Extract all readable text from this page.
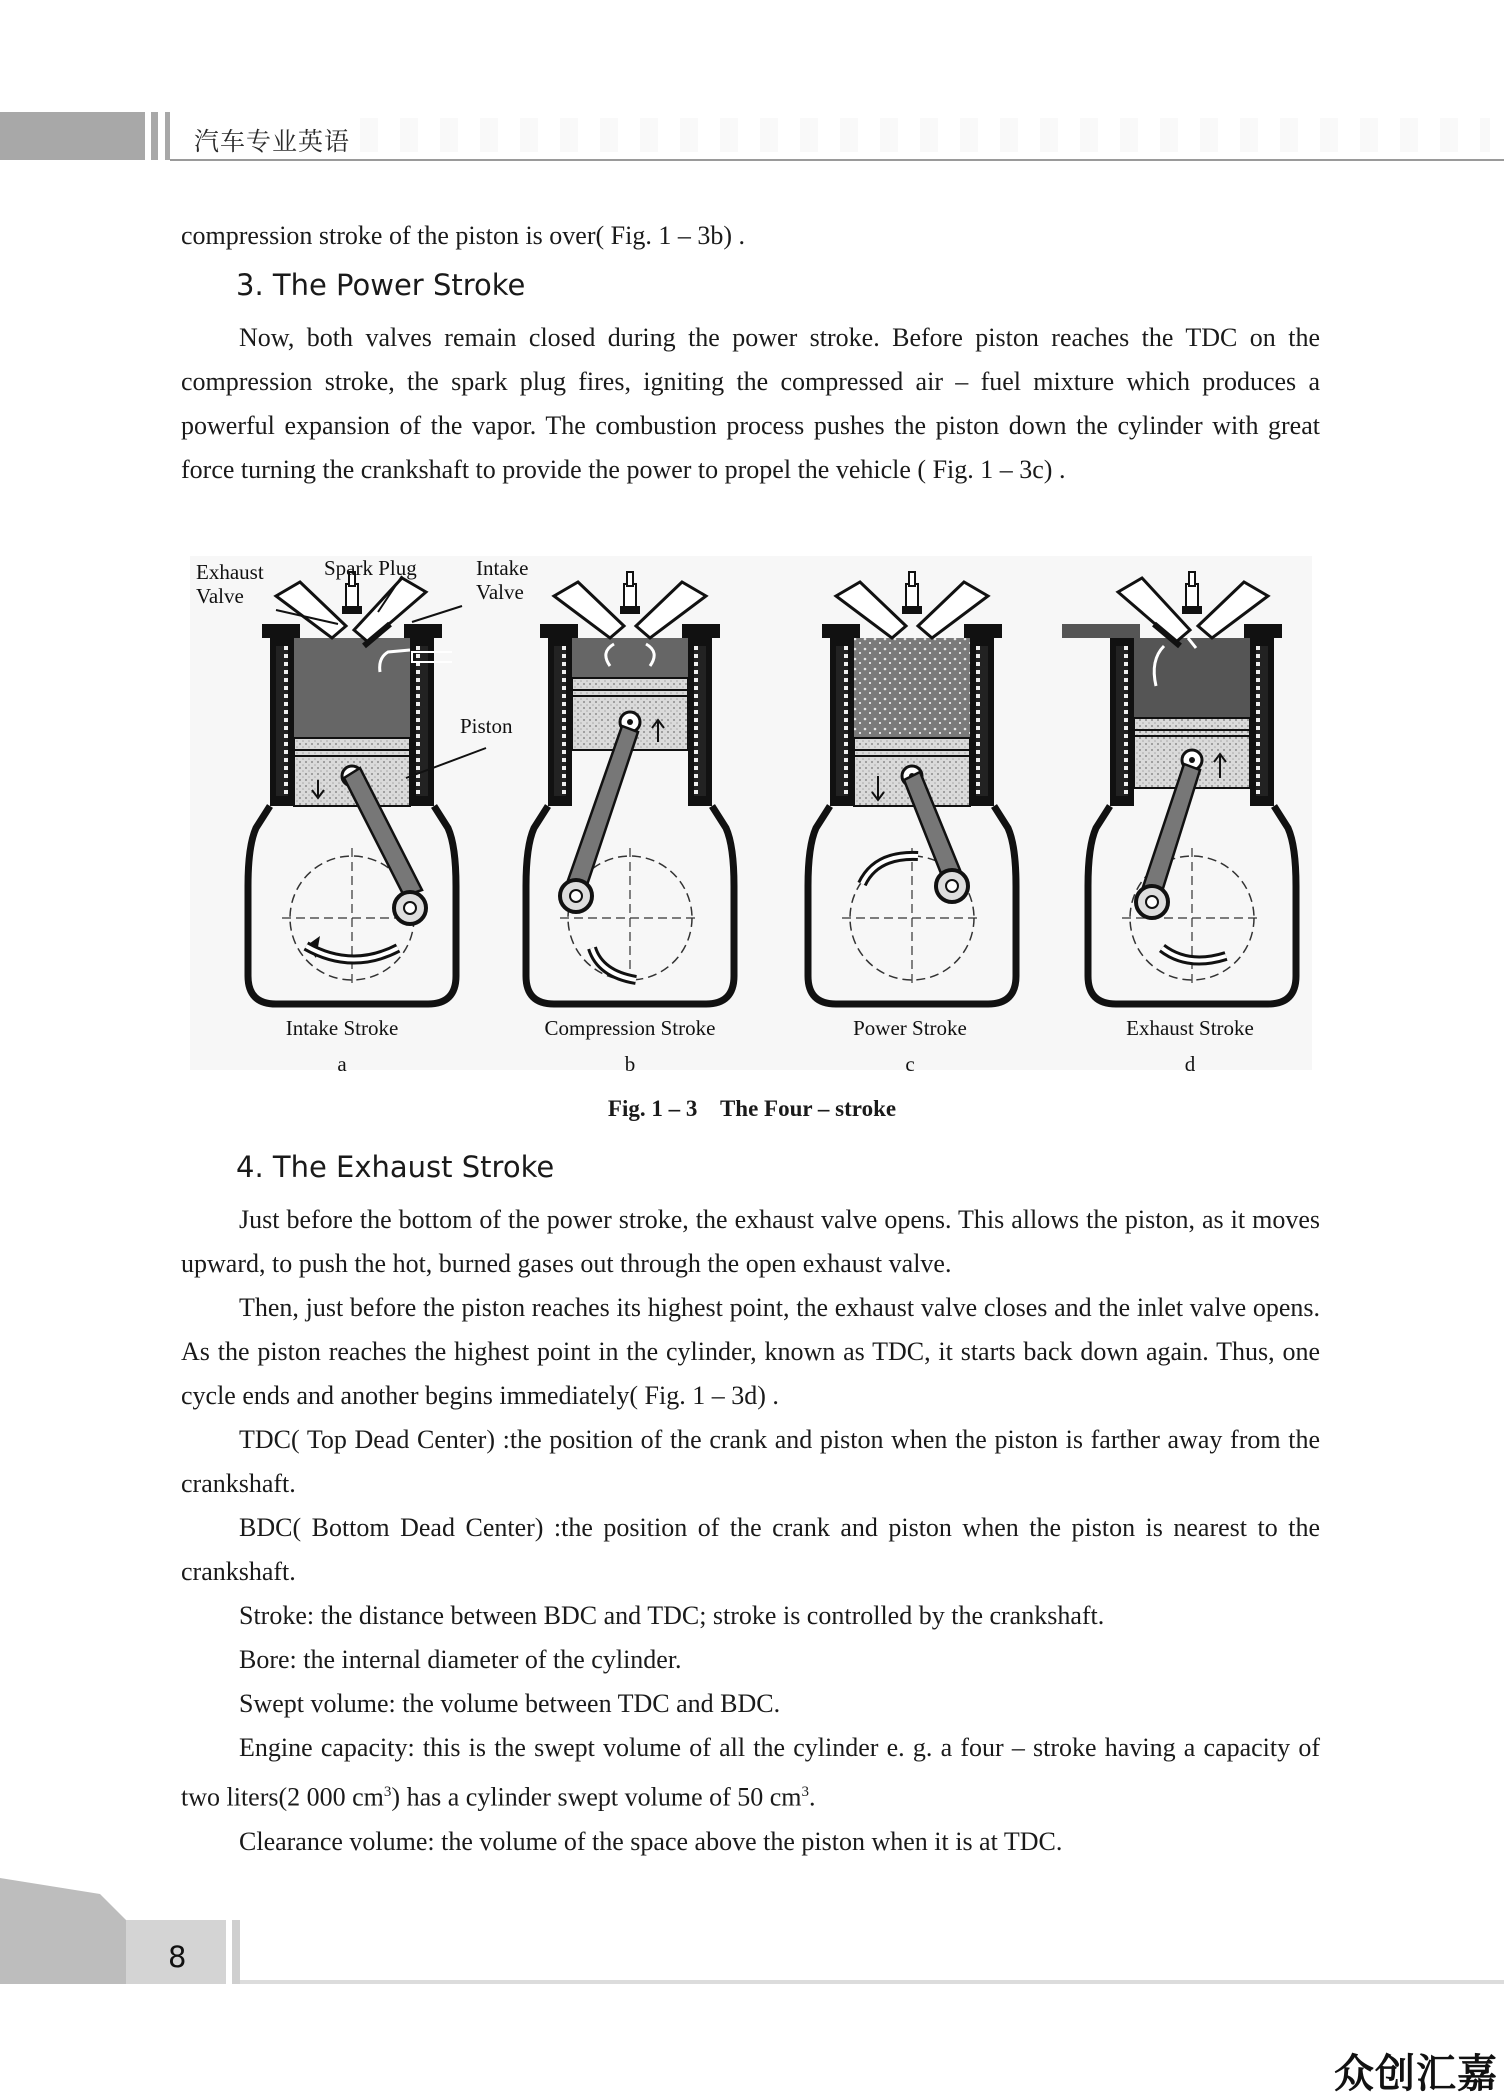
汽车专业英语

compression stroke of the piston is over( Fig. 1 – 3b) .

3. The Power Stroke

Now, both valves remain closed during the power stroke. Before piston reaches the TDC on the compression stroke, the spark plug fires, igniting the compressed air – fuel mixture which produces a powerful expansion of the vapor. The combustion process pushes the piston down the cylinder with great force turning the crankshaft to provide the power to propel the vehicle ( Fig. 1 – 3c) .

Exhaust
Valve
Spark Plug	Intake
Valve
Piston
Intake Stroke
a
Compression Stroke
b
Power Stroke
c
Exhaust Stroke
d
Fig. 1 – 3    The Four – stroke
4. The Exhaust Stroke

Just before the bottom of the power stroke, the exhaust valve opens. This allows the piston, as it moves upward, to push the hot, burned gases out through the open exhaust valve.

Then, just before the piston reaches its highest point, the exhaust valve closes and the inlet valve opens. As the piston reaches the highest point in the cylinder, known as TDC, it starts back down again. Thus, one cycle ends and another begins immediately( Fig. 1 – 3d) .

TDC( Top Dead Center) :the position of the crank and piston when the piston is farther away from the crankshaft.

BDC( Bottom Dead Center) :the position of the crank and piston when the piston is nearest to the crankshaft.

Stroke: the distance between BDC and TDC; stroke is controlled by the crankshaft.

Bore: the internal diameter of the cylinder.

Swept volume: the volume between TDC and BDC.

Engine capacity: this is the swept volume of all the cylinder e. g. a four – stroke having a capacity of two liters(2 000 $cm^3$) has a cylinder swept volume of 50 $cm^3$.

Clearance volume: the volume of the space above the piston when it is at TDC.

8
众创汇嘉
